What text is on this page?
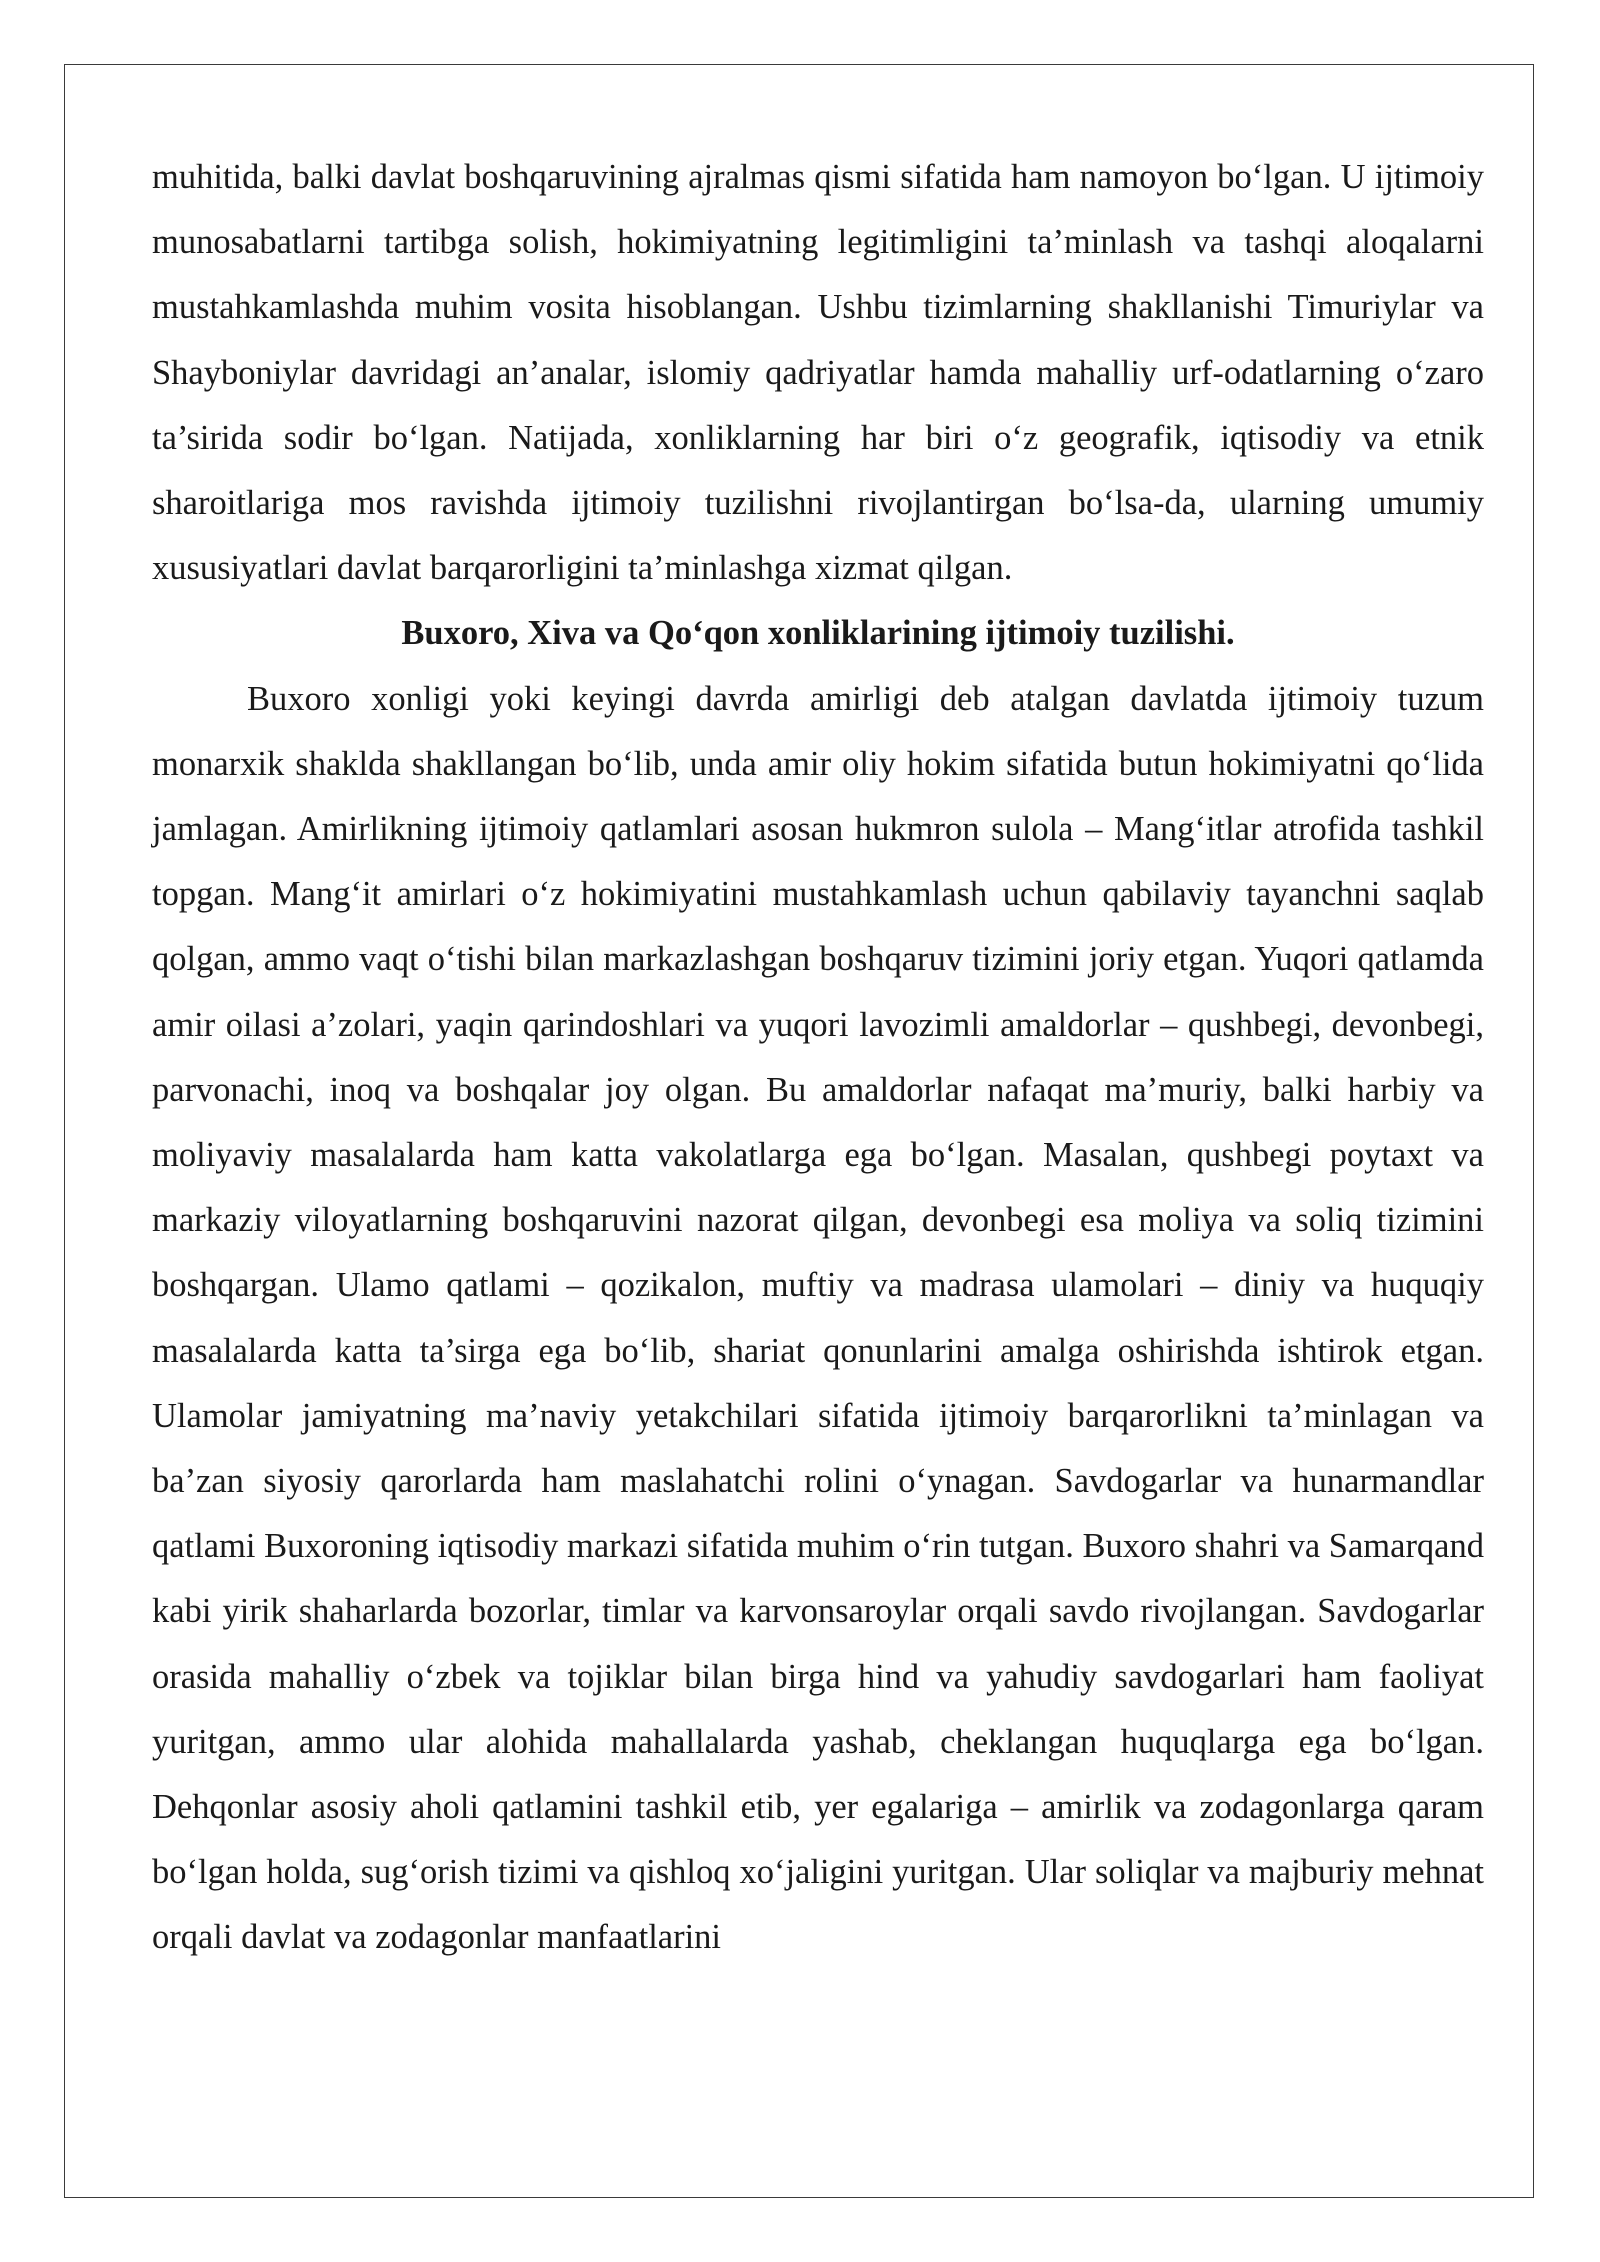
muhitida, balki davlat boshqaruvining ajralmas qismi sifatida ham namoyon bo‘lgan. U ijtimoiy munosabatlarni tartibga solish, hokimiyatning legitimligini ta’minlash va tashqi aloqalarni mustahkamlashda muhim vosita hisoblangan. Ushbu tizimlarning shakllanishi Timuriylar va Shayboniylar davridagi an’analar, islomiy qadriyatlar hamda mahalliy urf-odatlarning o‘zaro ta’sirida sodir bo‘lgan. Natijada, xonliklarning har biri o‘z geografik, iqtisodiy va etnik sharoitlariga mos ravishda ijtimoiy tuzilishni rivojlantirgan bo‘lsa-da, ularning umumiy xususiyatlari davlat barqarorligini ta’minlashga xizmat qilgan.

Buxoro, Xiva va Qo‘qon xonliklarining ijtimoiy tuzilishi.

Buxoro xonligi yoki keyingi davrda amirligi deb atalgan davlatda ijtimoiy tuzum monarxik shaklda shakllangan bo‘lib, unda amir oliy hokim sifatida butun hokimiyatni qo‘lida jamlagan. Amirlikning ijtimoiy qatlamlari asosan hukmron sulola – Mang‘itlar atrofida tashkil topgan. Mang‘it amirlari o‘z hokimiyatini mustahkamlash uchun qabilaviy tayanchni saqlab qolgan, ammo vaqt o‘tishi bilan markazlashgan boshqaruv tizimini joriy etgan. Yuqori qatlamda amir oilasi a’zolari, yaqin qarindoshlari va yuqori lavozimli amaldorlar – qushbegi, devonbegi, parvonachi, inoq va boshqalar joy olgan. Bu amaldorlar nafaqat ma’muriy, balki harbiy va moliyaviy masalalarda ham katta vakolatlarga ega bo‘lgan. Masalan, qushbegi poytaxt va markaziy viloyatlarning boshqaruvini nazorat qilgan, devonbegi esa moliya va soliq tizimini boshqargan. Ulamo qatlami – qozikalon, muftiy va madrasa ulamolari – diniy va huquqiy masalalarda katta ta’sirga ega bo‘lib, shariat qonunlarini amalga oshirishda ishtirok etgan. Ulamolar jamiyatning ma’naviy yetakchilari sifatida ijtimoiy barqarorlikni ta’minlagan va ba’zan siyosiy qarorlarda ham maslahatchi rolini o‘ynagan. Savdogarlar va hunarmandlar qatlami Buxoroning iqtisodiy markazi sifatida muhim o‘rin tutgan. Buxoro shahri va Samarqand kabi yirik shaharlarda bozorlar, timlar va karvonsaroylar orqali savdo rivojlangan. Savdogarlar orasida mahalliy o‘zbek va tojiklar bilan birga hind va yahudiy savdogarlari ham faoliyat yuritgan, ammo ular alohida mahallalarda yashab, cheklangan huquqlarga ega bo‘lgan. Dehqonlar asosiy aholi qatlamini tashkil etib, yer egalariga – amirlik va zodagonlarga qaram bo‘lgan holda, sug‘orish tizimi va qishloq xo‘jaligini yuritgan. Ular soliqlar va majburiy mehnat orqali davlat va zodagonlar manfaatlarini
